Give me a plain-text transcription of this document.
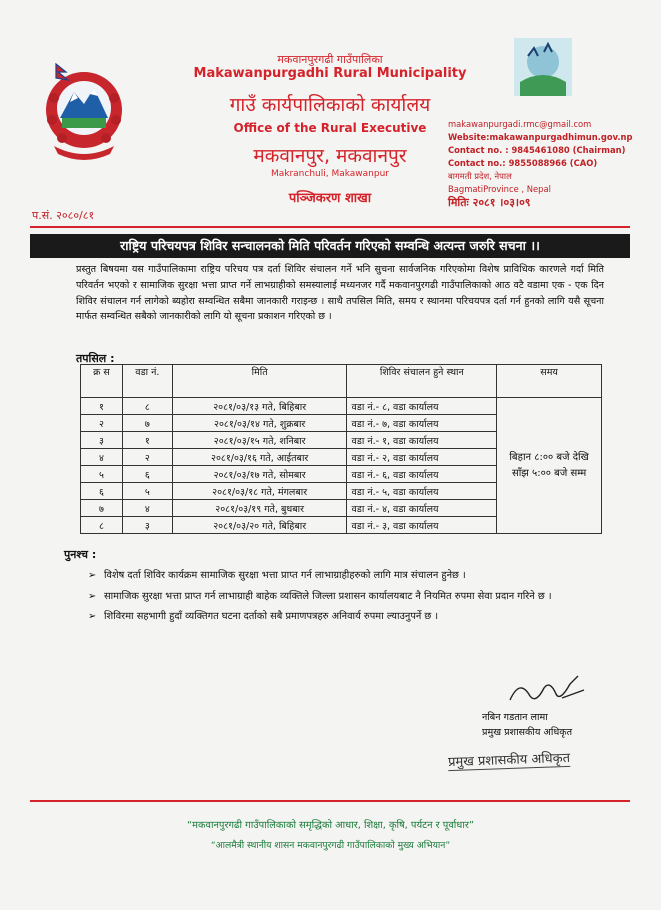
मकवानपुरगढी गाउँपालिका
Makawanpurgadhi Rural Municipality
गाउँ कार्यपालिकाको कार्यालय
Office of the Rural Executive
मकवानपुर, मकवानपुर
Makranchuli, Makawanpur
पञ्जिकरण शाखा
makawanpurgadi.rmc@gmail.com
Website:makawanpurgadhimun.gov.np
Contact no. : 9845461080 (Chairman)
Contact no.: 9855088966 (CAO)
बागमती प्रदेश, नेपाल
BagmatiProvince , Nepal
मितिः २०८१ ।०३।०९
प.सं. २०८०/८१
राष्ट्रिय परिचयपत्र शिविर सन्चालनको मिति परिवर्तन गरिएको सम्वन्धि अत्यन्त जरुरि सचना ।।
प्रस्तुत बिषयमा यस गाउँपालिकामा राष्ट्रिय परिचय पत्र दर्ता शिविर संचालन गर्ने भनि सुचना सार्वजनिक गरिएकोमा विशेष प्राविधिक कारणले गर्दा मिति परिवर्तन भएको र सामाजिक सुरक्षा भत्ता प्राप्त गर्ने लाभग्राहीको समस्यालाई मध्यनजर गर्दै मकवानपुरगढी गाउँपालिकाको आठ वटै वडामा एक - एक दिन शिविर संचालन गर्न लागेको ब्यहोरा सम्वन्धित सबैमा जानकारी गराइन्छ । साथै तपसिल मिति, समय र स्थानमा परिचयपत्र दर्ता गर्न हुनको लागि यसै सूचना मार्फत सम्वन्धित सबैको जानकारीको लागि यो सूचना प्रकाशन गरिएको छ ।
तपसिल :
क्र स	वडा नं.	मिति	शिविर संचालन हुने स्थान	समय
१	८	२०८१/०३/१३ गते, बिहिबार	वडा नं.- ८, वडा कार्यालय	बिहान ८:०० बजे देखि साँझ ५:०० बजे सम्म
२	७	२०८१/०३/१४ गते, शुक्रबार	वडा नं.- ७, वडा कार्यालय	
३	१	२०८१/०३/१५ गते, शनिबार	वडा नं.- १, वडा कार्यालय	
४	२	२०८१/०३/१६ गते, आईतबार	वडा नं.- २, वडा कार्यालय	
५	६	२०८१/०३/१७ गते, सोमबार	वडा नं.- ६, वडा कार्यालय	
६	५	२०८१/०३/१८ गते, मंगलबार	वडा नं.- ५, वडा कार्यालय	
७	४	२०८१/०३/१९ गते, बुधबार	वडा नं.- ४, वडा कार्यालय	
८	३	२०८१/०३/२० गते, बिहिबार	वडा नं.- ३, वडा कार्यालय	
पुनश्च :
➢ विशेष दर्ता शिविर कार्यक्रम सामाजिक सुरक्षा भत्ता प्राप्त गर्न लाभाग्राहीहरुको लागि मात्र संचालन हुनेछ ।
➢ सामाजिक सुरक्षा भत्ता प्राप्त गर्न लाभाग्राही बाहेक व्यक्तिले जिल्ला प्रशासन कार्यालयबाट नै नियमित रुपमा सेवा प्रदान गरिने छ ।
➢ शिविरमा सहभागी हुदाँ व्यक्तिगत घटना दर्ताको सबै प्रमाणपत्रहरु अनिवार्य रुपमा ल्याउनुपर्ने छ ।
नबिन गडतान लामा
प्रमुख प्रशासकीय अधिकृत
प्रमुख प्रशासकीय अधिकृत
“मकवानपुरगढी गाउँपालिकाको समृद्धिको आधार, शिक्षा, कृषि, पर्यटन र पूर्वाधार”
“आलमैत्री स्थानीय शासन मकवानपुरगढी गाउँपालिकाको मुख्य अभियान”
